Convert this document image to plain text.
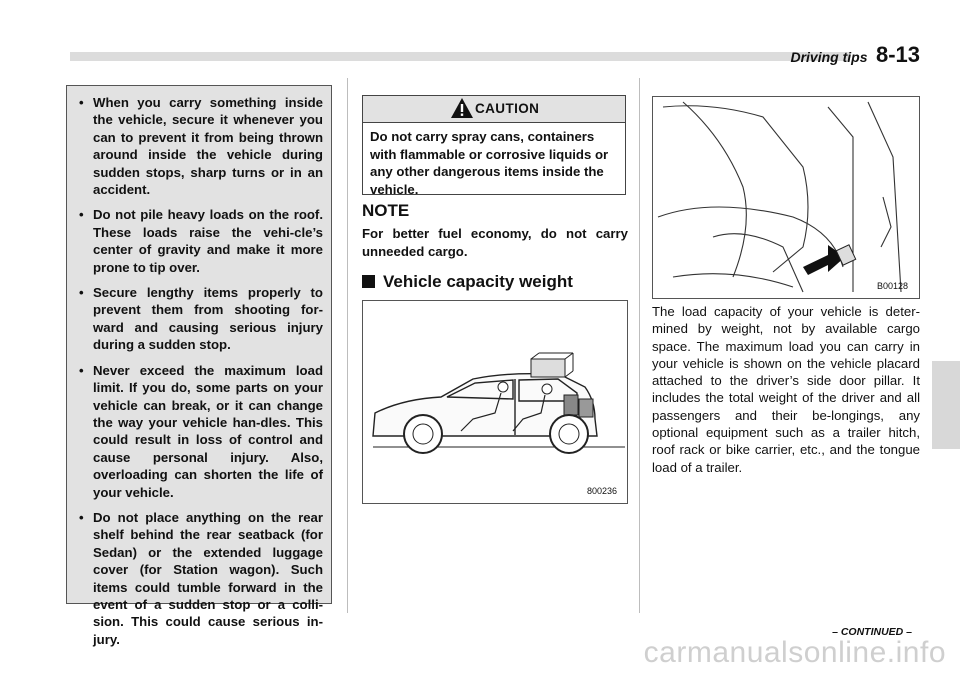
Driving tips 8-13
• When you carry something inside the vehicle, secure it whenever you can to prevent it from being thrown around inside the vehicle during sudden stops, sharp turns or in an accident.
• Do not pile heavy loads on the roof. These loads raise the vehi-cle’s center of gravity and make it more prone to tip over.
• Secure lengthy items properly to prevent them from shooting for-ward and causing serious injury during a sudden stop.
• Never exceed the maximum load limit. If you do, some parts on your vehicle can break, or it can change the way your vehicle han-dles. This could result in loss of control and cause personal injury. Also, overloading can shorten the life of your vehicle.
• Do not place anything on the rear shelf behind the rear seatback (for Sedan) or the extended luggage cover (for Station wagon). Such items could tumble forward in the event of a sudden stop or a colli-sion. This could cause serious in-jury.
CAUTION
Do not carry spray cans, containers with flammable or corrosive liquids or any other dangerous items inside the vehicle.
NOTE
For better fuel economy, do not carry unneeded cargo.
Vehicle capacity weight
800236
B00128
The load capacity of your vehicle is deter-mined by weight, not by available cargo space. The maximum load you can carry in your vehicle is shown on the vehicle placard attached to the driver’s side door pillar. It includes the total weight of the driver and all passengers and their be-longings, any optional equipment such as a trailer hitch, roof rack or bike carrier, etc., and the tongue load of a trailer.
– CONTINUED –
carmanualsonline.info
